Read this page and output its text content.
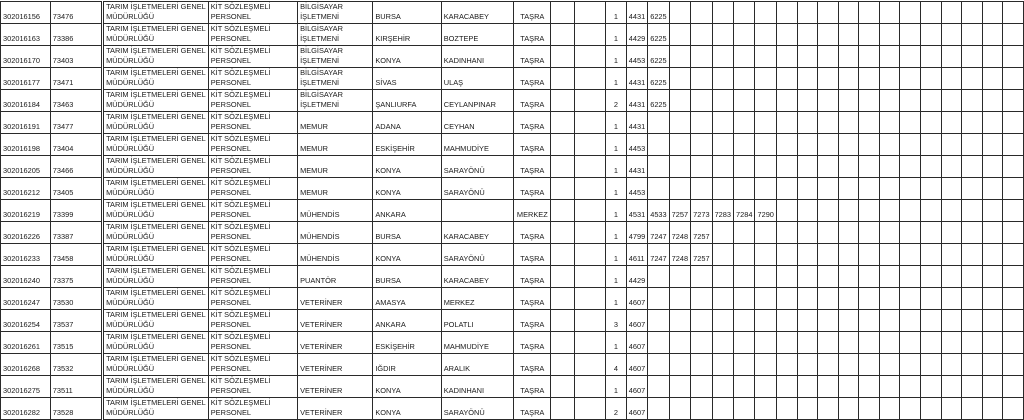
302016156	73476	TARIM İŞLETMELERİ GENEL
MÜDÜRLÜĞÜ	KİT SÖZLEŞMELİ
PERSONEL	BİLGİSAYAR
İŞLETMENİ	BURSA	KARACABEY	TAŞRA			1	4431	6225																	
302016163	73386	TARIM İŞLETMELERİ GENEL
MÜDÜRLÜĞÜ	KİT SÖZLEŞMELİ
PERSONEL	BİLGİSAYAR
İŞLETMENİ	KIRŞEHİR	BOZTEPE	TAŞRA			1	4429	6225																	
302016170	73403	TARIM İŞLETMELERİ GENEL
MÜDÜRLÜĞÜ	KİT SÖZLEŞMELİ
PERSONEL	BİLGİSAYAR
İŞLETMENİ	KONYA	KADINHANI	TAŞRA			1	4453	6225																	
302016177	73471	TARIM İŞLETMELERİ GENEL
MÜDÜRLÜĞÜ	KİT SÖZLEŞMELİ
PERSONEL	BİLGİSAYAR
İŞLETMENİ	SİVAS	ULAŞ	TAŞRA			1	4431	6225																	
302016184	73463	TARIM İŞLETMELERİ GENEL
MÜDÜRLÜĞÜ	KİT SÖZLEŞMELİ
PERSONEL	BİLGİSAYAR
İŞLETMENİ	ŞANLIURFA	CEYLANPINAR	TAŞRA			2	4431	6225																	
302016191	73477	TARIM İŞLETMELERİ GENEL
MÜDÜRLÜĞÜ	KİT SÖZLEŞMELİ
PERSONEL	MEMUR	ADANA	CEYHAN	TAŞRA			1	4431																		
302016198	73404	TARIM İŞLETMELERİ GENEL
MÜDÜRLÜĞÜ	KİT SÖZLEŞMELİ
PERSONEL	MEMUR	ESKİŞEHİR	MAHMUDİYE	TAŞRA			1	4453																		
302016205	73466	TARIM İŞLETMELERİ GENEL
MÜDÜRLÜĞÜ	KİT SÖZLEŞMELİ
PERSONEL	MEMUR	KONYA	SARAYÖNÜ	TAŞRA			1	4431																		
302016212	73405	TARIM İŞLETMELERİ GENEL
MÜDÜRLÜĞÜ	KİT SÖZLEŞMELİ
PERSONEL	MEMUR	KONYA	SARAYÖNÜ	TAŞRA			1	4453																		
302016219	73399	TARIM İŞLETMELERİ GENEL
MÜDÜRLÜĞÜ	KİT SÖZLEŞMELİ
PERSONEL	MÜHENDİS	ANKARA		MERKEZ			1	4531	4533	7257	7273	7283	7284	7290												
302016226	73387	TARIM İŞLETMELERİ GENEL
MÜDÜRLÜĞÜ	KİT SÖZLEŞMELİ
PERSONEL	MÜHENDİS	BURSA	KARACABEY	TAŞRA			1	4799	7247	7248	7257															
302016233	73458	TARIM İŞLETMELERİ GENEL
MÜDÜRLÜĞÜ	KİT SÖZLEŞMELİ
PERSONEL	MÜHENDİS	KONYA	SARAYÖNÜ	TAŞRA			1	4611	7247	7248	7257															
302016240	73375	TARIM İŞLETMELERİ GENEL
MÜDÜRLÜĞÜ	KİT SÖZLEŞMELİ
PERSONEL	PUANTÖR	BURSA	KARACABEY	TAŞRA			1	4429																		
302016247	73530	TARIM İŞLETMELERİ GENEL
MÜDÜRLÜĞÜ	KİT SÖZLEŞMELİ
PERSONEL	VETERİNER	AMASYA	MERKEZ	TAŞRA			1	4607																		
302016254	73537	TARIM İŞLETMELERİ GENEL
MÜDÜRLÜĞÜ	KİT SÖZLEŞMELİ
PERSONEL	VETERİNER	ANKARA	POLATLI	TAŞRA			3	4607																		
302016261	73515	TARIM İŞLETMELERİ GENEL
MÜDÜRLÜĞÜ	KİT SÖZLEŞMELİ
PERSONEL	VETERİNER	ESKİŞEHİR	MAHMUDİYE	TAŞRA			1	4607																		
302016268	73532	TARIM İŞLETMELERİ GENEL
MÜDÜRLÜĞÜ	KİT SÖZLEŞMELİ
PERSONEL	VETERİNER	IĞDIR	ARALIK	TAŞRA			4	4607																		
302016275	73511	TARIM İŞLETMELERİ GENEL
MÜDÜRLÜĞÜ	KİT SÖZLEŞMELİ
PERSONEL	VETERİNER	KONYA	KADINHANI	TAŞRA			1	4607																		
302016282	73528	TARIM İŞLETMELERİ GENEL
MÜDÜRLÜĞÜ	KİT SÖZLEŞMELİ
PERSONEL	VETERİNER	KONYA	SARAYÖNÜ	TAŞRA			2	4607																		
